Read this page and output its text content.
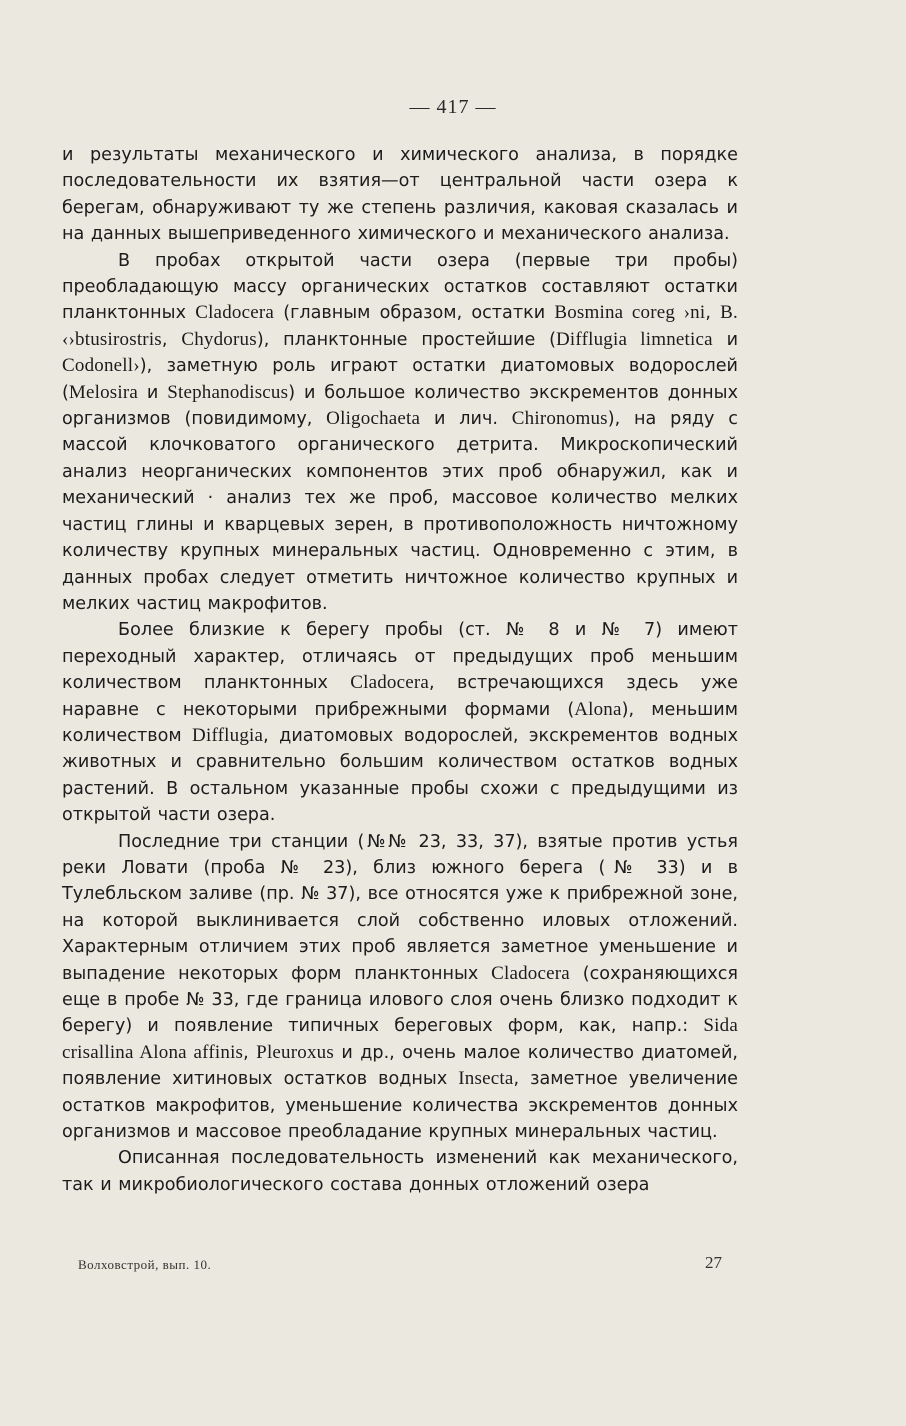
— 417 —

и результаты механического и химического анализа, в порядке последовательности их взятия—от центральной части озера к берегам, обнаруживают ту же степень различия, каковая сказалась и на данных вышеприведенного химического и механического анализа.

В пробах открытой части озера (первые три пробы) преобладающую массу органических остатков составляют остатки планктонных Cladocera (главным образом, остатки Bosmina coreg ›ni, B. ‹›btusirostris, Chydorus), планктонные простейшие (Difflugia limnetica и Codonell›), заметную роль играют остатки диатомовых водорослей (Melosira и Stephanodiscus) и большое количество экскрементов донных организмов (повидимому, Oligochaeta и лич. Chironomus), на ряду с массой клочковатого органического детрита. Микроскопический анализ неорганических компонентов этих проб обнаружил, как и механический · анализ тех же проб, массовое количество мелких частиц глины и кварцевых зерен, в противоположность ничтожному количеству крупных минеральных частиц. Одновременно с этим, в данных пробах следует отметить ничтожное количество крупных и мелких частиц макрофитов.

Более близкие к берегу пробы (ст. № 8 и № 7) имеют переходный характер, отличаясь от предыдущих проб меньшим количеством планктонных Cladocera, встречающихся здесь уже наравне с некоторыми прибрежными формами (Alona), меньшим количеством Difflugia, диатомовых водорослей, экскрементов водных животных и сравнительно большим количеством остатков водных растений. В остальном указанные пробы схожи с предыдущими из открытой части озера.

Последние три станции (№№ 23, 33, 37), взятые против устья реки Ловати (проба № 23), близ южного берега (№ 33) и в Тулебльском заливе (пр. № 37), все относятся уже к прибрежной зоне, на которой выклинивается слой собственно иловых отложений. Характерным отличием этих проб является заметное уменьшение и выпадение некоторых форм планктонных Cladocera (сохраняющихся еще в пробе № 33, где граница илового слоя очень близко подходит к берегу) и появление типичных береговых форм, как, напр.: Sida crisallina Alona affinis, Pleuroxus и др., очень малое количество диатомей, появление хитиновых остатков водных Insecta, заметное увеличение остатков макрофитов, уменьшение количества экскрементов донных организмов и массовое преобладание крупных минеральных частиц.

Описанная последовательность изменений как механического, так и микробиологического состава донных отложений озера

Волховстрой, вып. 10.	27
